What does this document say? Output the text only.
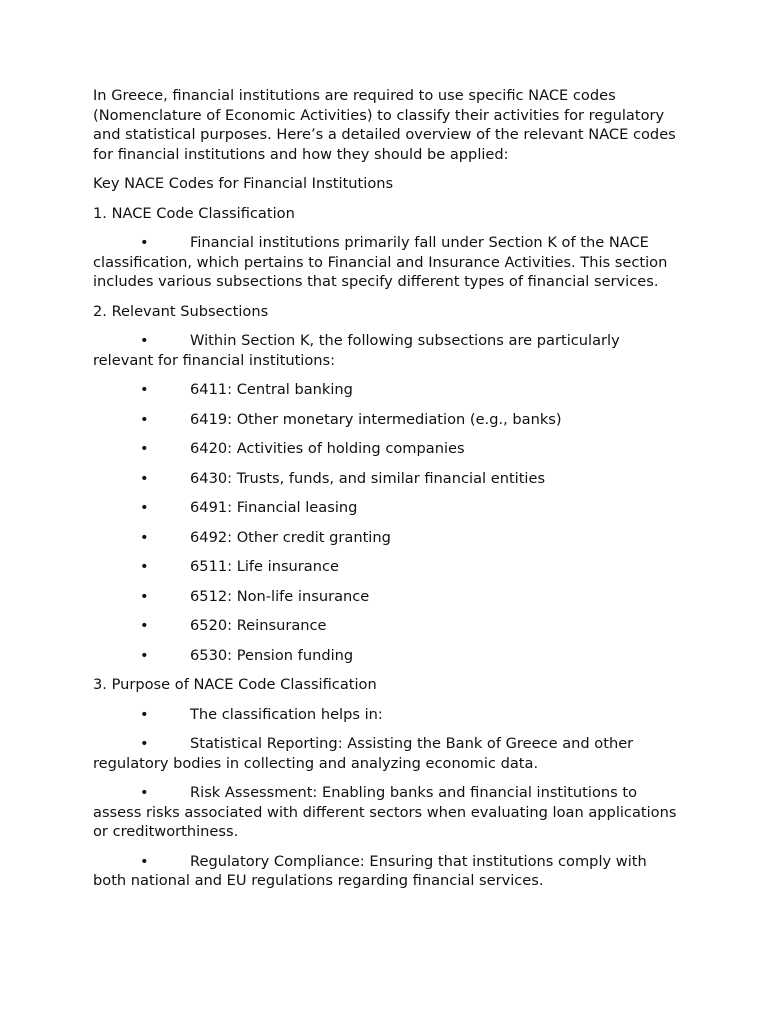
In Greece, financial institutions are required to use specific NACE codes (Nomenclature of Economic Activities) to classify their activities for regulatory and statistical purposes. Here’s a detailed overview of the relevant NACE codes for financial institutions and how they should be applied:

Key NACE Codes for Financial Institutions

1. NACE Code Classification

•	Financial institutions primarily fall under Section K of the NACE classification, which pertains to Financial and Insurance Activities. This section includes various subsections that specify different types of financial services.

2. Relevant Subsections

•	Within Section K, the following subsections are particularly relevant for financial institutions:

•	6411: Central banking

•	6419: Other monetary intermediation (e.g., banks)

•	6420: Activities of holding companies

•	6430: Trusts, funds, and similar financial entities

•	6491: Financial leasing

•	6492: Other credit granting

•	6511: Life insurance

•	6512: Non-life insurance

•	6520: Reinsurance

•	6530: Pension funding

3. Purpose of NACE Code Classification

•	The classification helps in:

•	Statistical Reporting: Assisting the Bank of Greece and other regulatory bodies in collecting and analyzing economic data.

•	Risk Assessment: Enabling banks and financial institutions to assess risks associated with different sectors when evaluating loan applications or creditworthiness.

•	Regulatory Compliance: Ensuring that institutions comply with both national and EU regulations regarding financial services.
